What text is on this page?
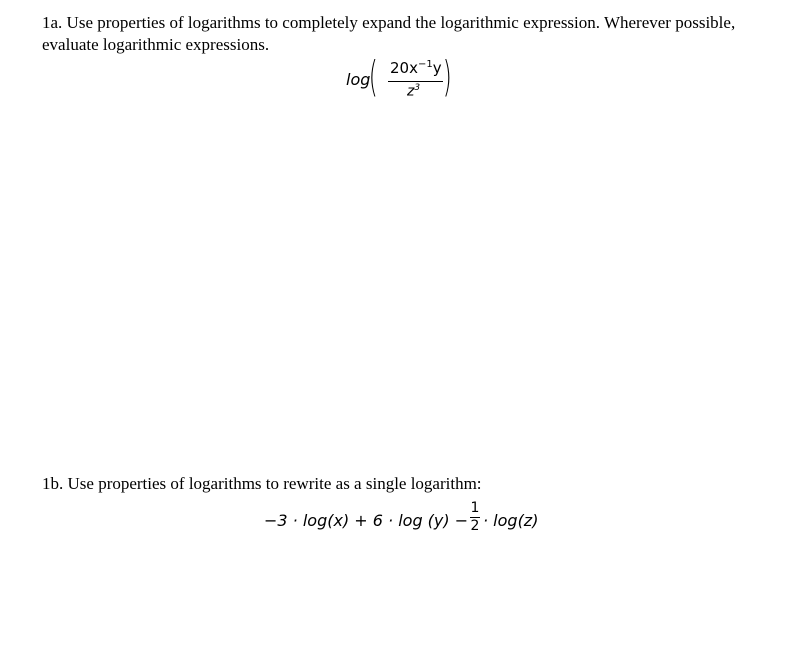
1a. Use properties of logarithms to completely expand the logarithmic expression. Wherever possible, evaluate logarithmic expressions.
log
( $20x^{-1}y$
$z^3$ )
1b. Use properties of logarithms to rewrite as a single logarithm:
−3 · log(x) + 6 · log (y) −
1
2 · log(z)
